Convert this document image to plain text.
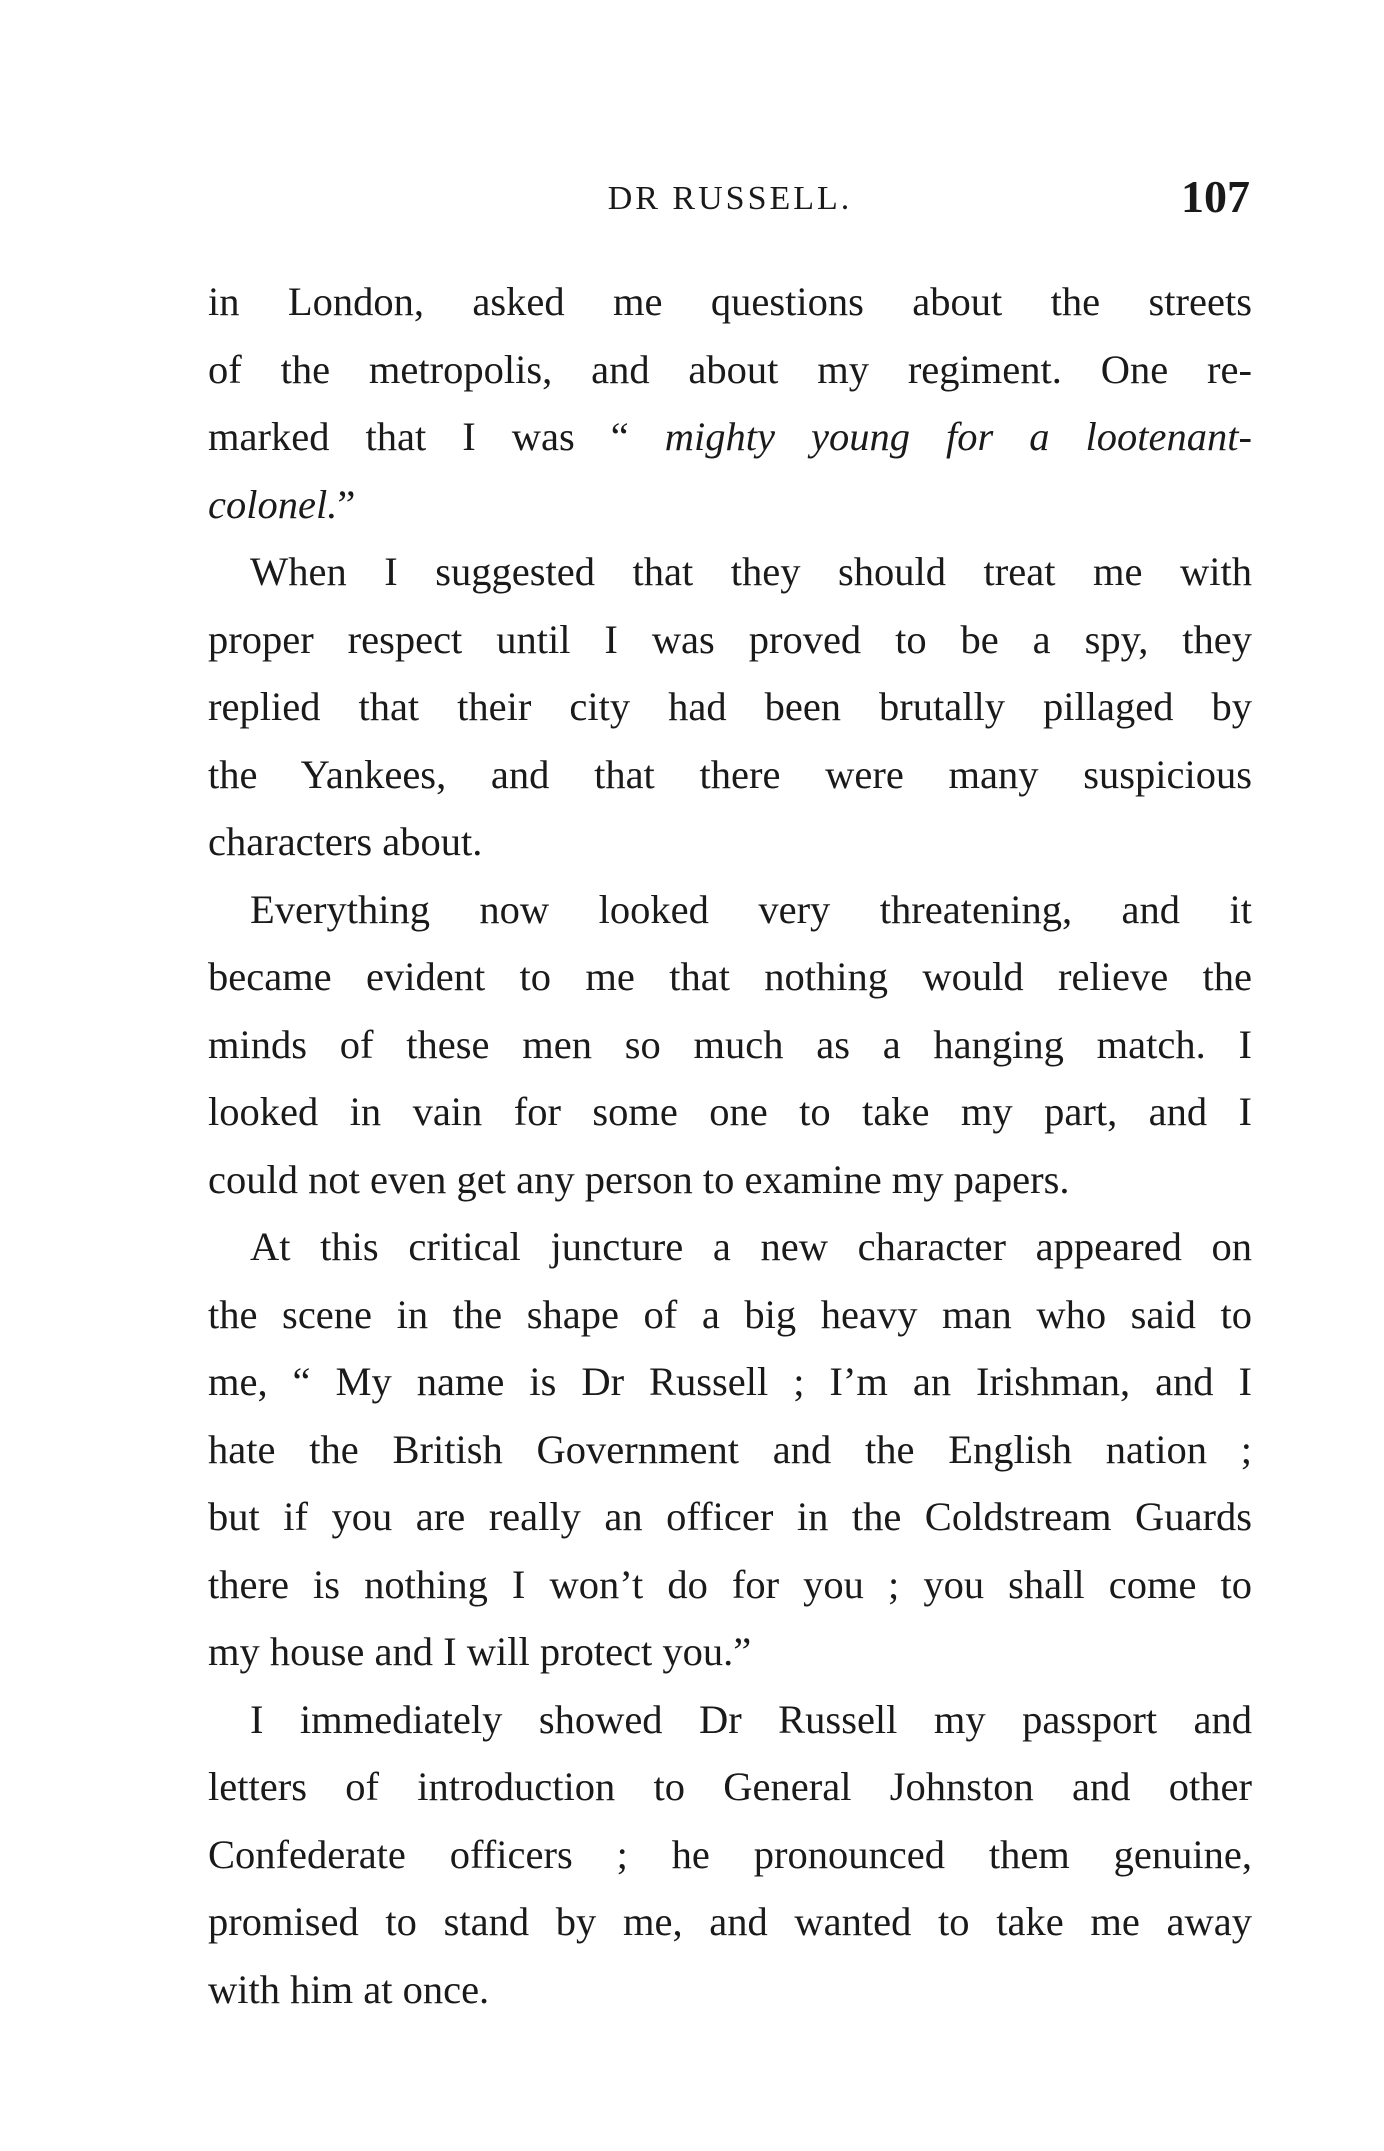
DR RUSSELL.	107
in London, asked me questions about the streets
of the metropolis, and about my regiment. One re-
marked that I was “ mighty young for a lootenant-
colonel.”
When I suggested that they should treat me with
proper respect until I was proved to be a spy, they
replied that their city had been brutally pillaged by
the Yankees, and that there were many suspicious
characters about.
Everything now looked very threatening, and it
became evident to me that nothing would relieve the
minds of these men so much as a hanging match. I
looked in vain for some one to take my part, and I
could not even get any person to examine my papers.
At this critical juncture a new character appeared on
the scene in the shape of a big heavy man who said to
me, “ My name is Dr Russell ; I’m an Irishman, and I
hate the British Government and the English nation ;
but if you are really an officer in the Coldstream Guards
there is nothing I won’t do for you ; you shall come to
my house and I will protect you.”
I immediately showed Dr Russell my passport and
letters of introduction to General Johnston and other
Confederate officers ; he pronounced them genuine,
promised to stand by me, and wanted to take me away
with him at once.
